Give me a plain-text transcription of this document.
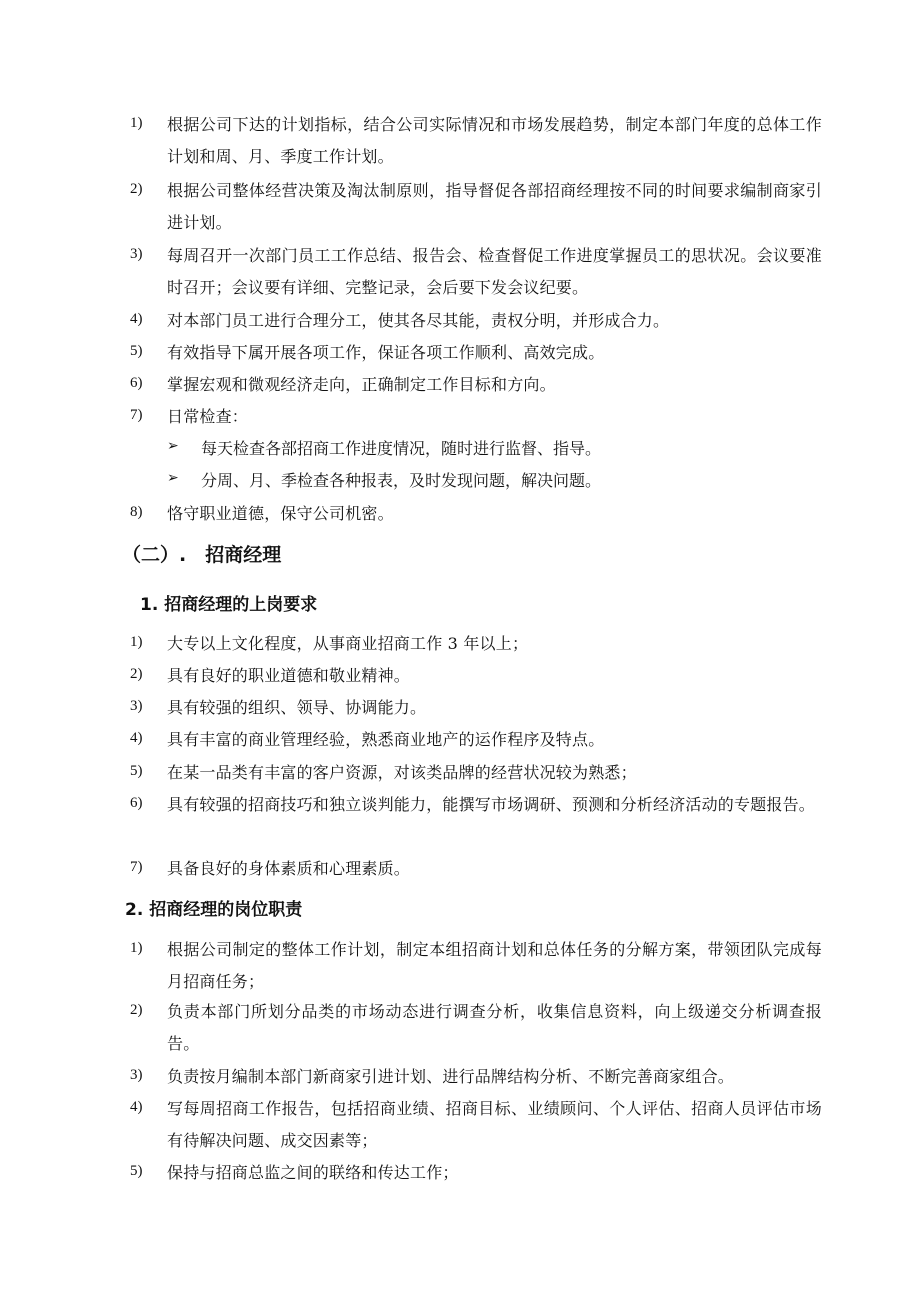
1)	根据公司下达的计划指标，结合公司实际情况和市场发展趋势，制定本部门年度的总体工作计划和周、月、季度工作计划。
2)	根据公司整体经营决策及淘汰制原则，指导督促各部招商经理按不同的时间要求编制商家引进计划。
3)	每周召开一次部门员工工作总结、报告会、检查督促工作进度掌握员工的思状况。会议要准时召开；会议要有详细、完整记录，会后要下发会议纪要。
4)	对本部门员工进行合理分工，使其各尽其能，责权分明，并形成合力。
5)	有效指导下属开展各项工作，保证各项工作顺利、高效完成。
6)	掌握宏观和微观经济走向，正确制定工作目标和方向。
7)	日常检查：
➢ 每天检查各部招商工作进度情况，随时进行监督、指导。
➢ 分周、月、季检查各种报表，及时发现问题，解决问题。
8)	恪守职业道德，保守公司机密。
（二）.　招商经理
1. 招商经理的上岗要求
1)	大专以上文化程度，从事商业招商工作 3 年以上；
2)	具有良好的职业道德和敬业精神。
3)	具有较强的组织、领导、协调能力。
4)	具有丰富的商业管理经验，熟悉商业地产的运作程序及特点。
5)	在某一品类有丰富的客户资源，对该类品牌的经营状况较为熟悉；
6)	具有较强的招商技巧和独立谈判能力，能撰写市场调研、预测和分析经济活动的专题报告。
7)	具备良好的身体素质和心理素质。
2. 招商经理的岗位职责
1)	根据公司制定的整体工作计划，制定本组招商计划和总体任务的分解方案，带领团队完成每月招商任务；
2)	负责本部门所划分品类的市场动态进行调查分析，收集信息资料，向上级递交分析调查报告。
3)	负责按月编制本部门新商家引进计划、进行品牌结构分析、不断完善商家组合。
4)	写每周招商工作报告，包括招商业绩、招商目标、业绩顾问、个人评估、招商人员评估市场有待解决问题、成交因素等；
5)	保持与招商总监之间的联络和传达工作；
